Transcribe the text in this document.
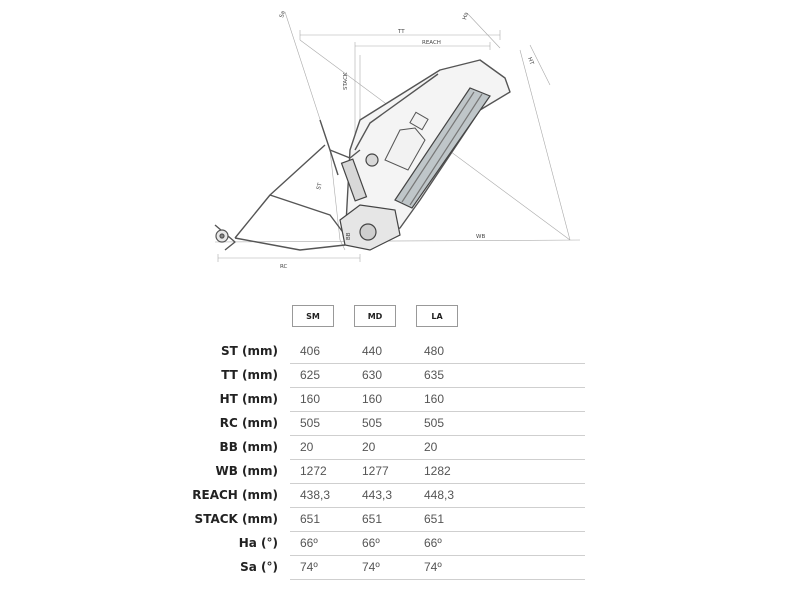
TT
REACH
STACK
HT
ST
RC
BB	WB
Sa	Ha
SM	MD	LA
ST (mm) 406	440	480
TT (mm) 625	630	635
HT (mm) 160	160	160
RC (mm) 505	505	505
BB (mm) 20	20	20
WB (mm) 1272	1277	1282
REACH (mm) 438,3	443,3	448,3
STACK (mm) 651	651	651
Ha (°) 66º	66º	66º
Sa (°) 74º	74º	74º
